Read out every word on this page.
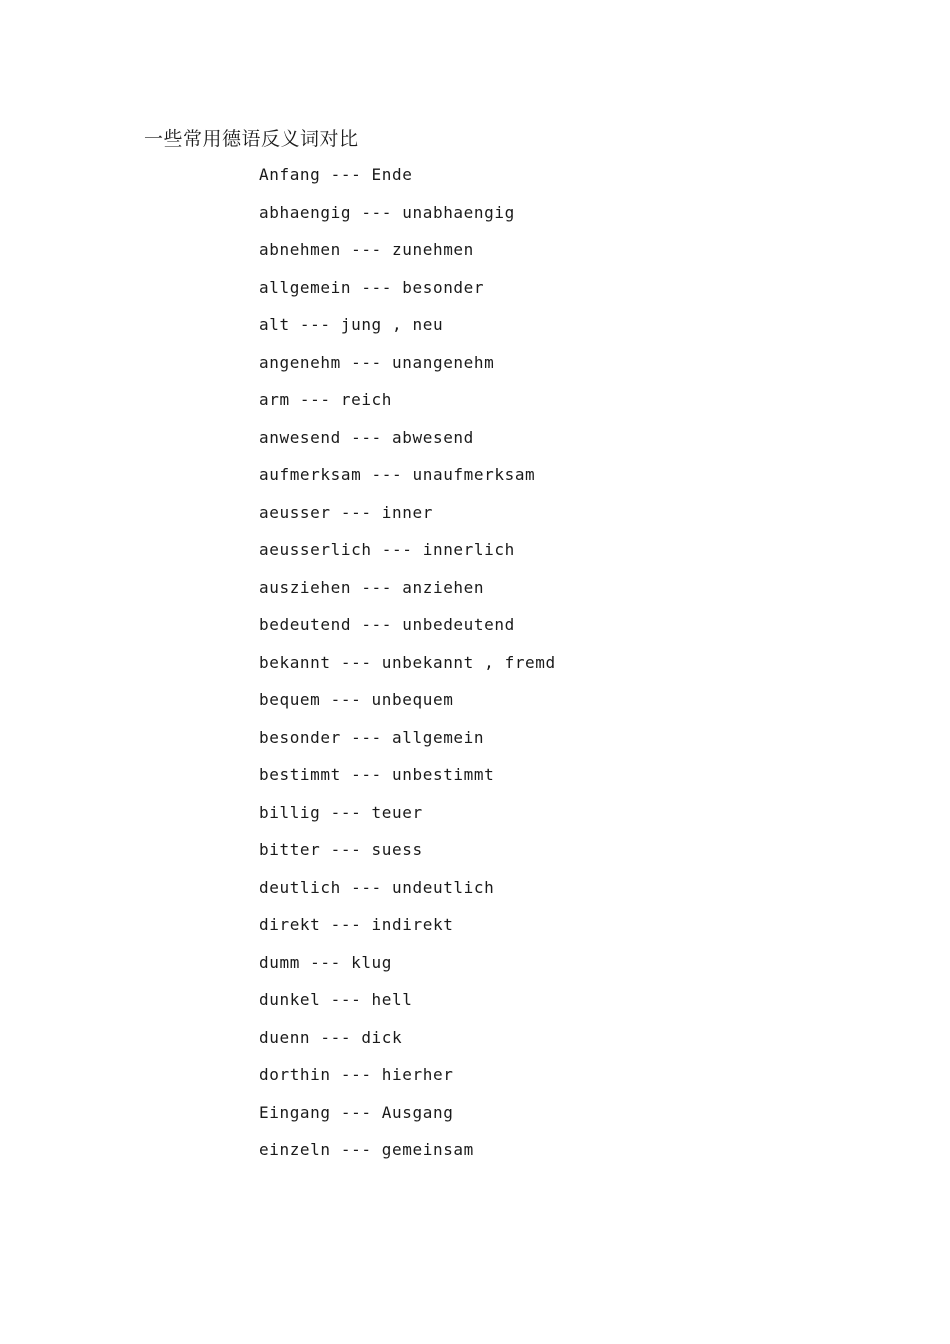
一些常用德语反义词对比
Anfang --- Ende
abhaengig --- unabhaengig
abnehmen --- zunehmen
allgemein --- besonder
alt --- jung , neu
angenehm --- unangenehm
arm --- reich
anwesend --- abwesend
aufmerksam --- unaufmerksam
aeusser --- inner
aeusserlich --- innerlich
ausziehen --- anziehen
bedeutend --- unbedeutend
bekannt --- unbekannt , fremd
bequem --- unbequem
besonder --- allgemein
bestimmt --- unbestimmt
billig --- teuer
bitter --- suess
deutlich --- undeutlich
direkt --- indirekt
dumm --- klug
dunkel --- hell
duenn --- dick
dorthin --- hierher
Eingang --- Ausgang
einzeln --- gemeinsam
